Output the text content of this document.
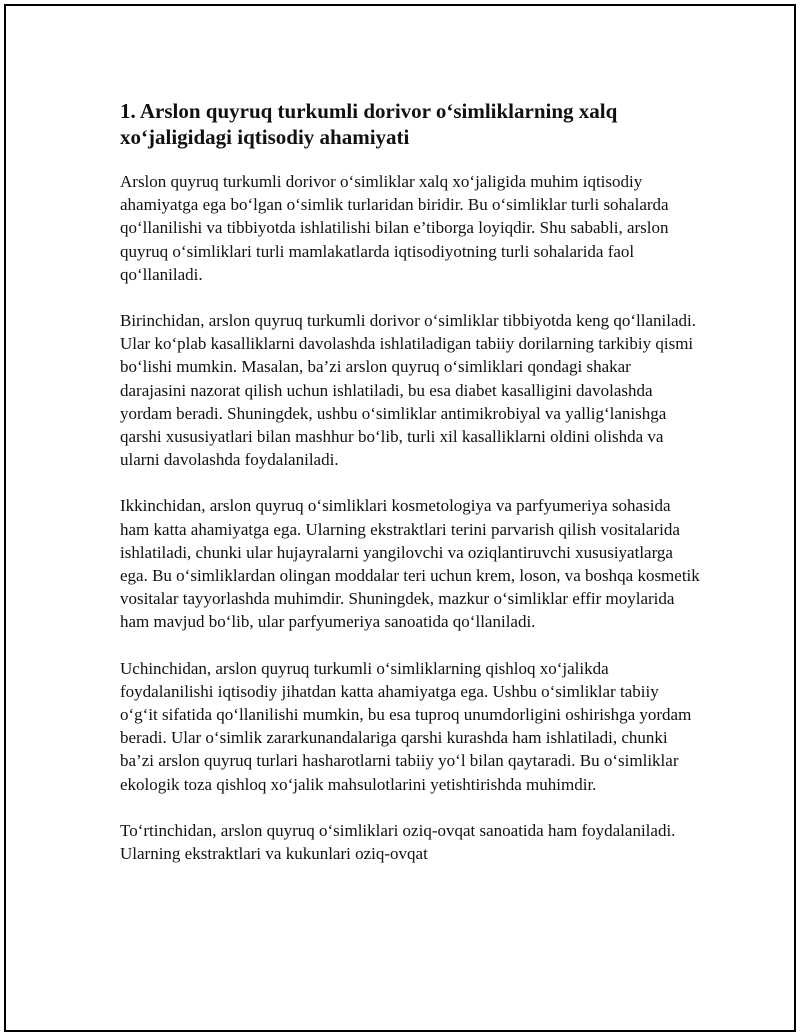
1. Arslon quyruq turkumli dorivor o‘simliklarning xalq xo‘jaligidagi iqtisodiy ahamiyati

Arslon quyruq turkumli dorivor o‘simliklar xalq xo‘jaligida muhim iqtisodiy ahamiyatga ega bo‘lgan o‘simlik turlaridan biridir. Bu o‘simliklar turli sohalarda qo‘llanilishi va tibbiyotda ishlatilishi bilan e’tiborga loyiqdir. Shu sababli, arslon quyruq o‘simliklari turli mamlakatlarda iqtisodiyotning turli sohalarida faol qo‘llaniladi.

Birinchidan, arslon quyruq turkumli dorivor o‘simliklar tibbiyotda keng qo‘llaniladi. Ular ko‘plab kasalliklarni davolashda ishlatiladigan tabiiy dorilarning tarkibiy qismi bo‘lishi mumkin. Masalan, ba’zi arslon quyruq o‘simliklari qondagi shakar darajasini nazorat qilish uchun ishlatiladi, bu esa diabet kasalligini davolashda yordam beradi. Shuningdek, ushbu o‘simliklar antimikrobiyal va yallig‘lanishga qarshi xususiyatlari bilan mashhur bo‘lib, turli xil kasalliklarni oldini olishda va ularni davolashda foydalaniladi.

Ikkinchidan, arslon quyruq o‘simliklari kosmetologiya va parfyumeriya sohasida ham katta ahamiyatga ega. Ularning ekstraktlari terini parvarish qilish vositalarida ishlatiladi, chunki ular hujayralarni yangilovchi va oziqlantiruvchi xususiyatlarga ega. Bu o‘simliklardan olingan moddalar teri uchun krem, loson, va boshqa kosmetik vositalar tayyorlashda muhimdir. Shuningdek, mazkur o‘simliklar effir moylarida ham mavjud bo‘lib, ular parfyumeriya sanoatida qo‘llaniladi.

Uchinchidan, arslon quyruq turkumli o‘simliklarning qishloq xo‘jalikda foydalanilishi iqtisodiy jihatdan katta ahamiyatga ega. Ushbu o‘simliklar tabiiy o‘g‘it sifatida qo‘llanilishi mumkin, bu esa tuproq unumdorligini oshirishga yordam beradi. Ular o‘simlik zararkunandalariga qarshi kurashda ham ishlatiladi, chunki ba’zi arslon quyruq turlari hasharotlarni tabiiy yo‘l bilan qaytaradi. Bu o‘simliklar ekologik toza qishloq xo‘jalik mahsulotlarini yetishtirishda muhimdir.

To‘rtinchidan, arslon quyruq o‘simliklari oziq-ovqat sanoatida ham foydalaniladi. Ularning ekstraktlari va kukunlari oziq-ovqat
